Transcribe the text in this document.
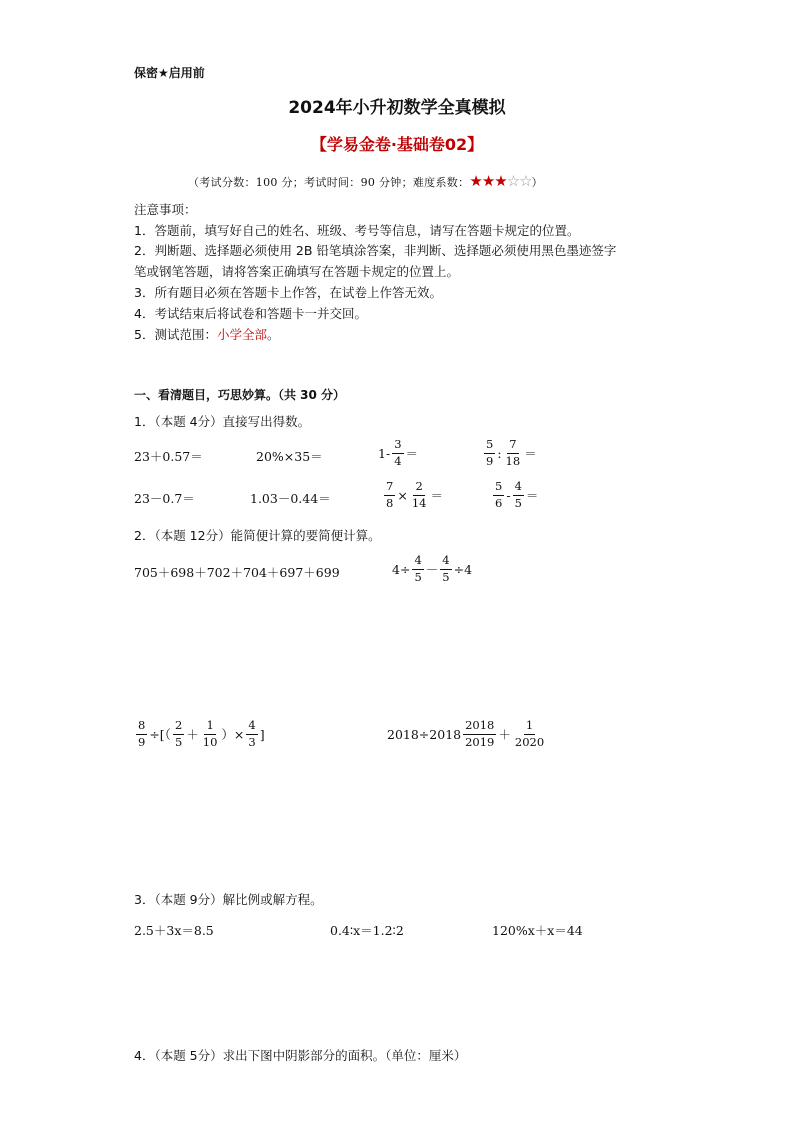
保密★启用前
2024年小升初数学全真模拟
【学易金卷·基础卷02】
（考试分数：100 分；考试时间：90 分钟；难度系数：★★★☆☆）
注意事项：
1．答题前，填写好自己的姓名、班级、考号等信息，请写在答题卡规定的位置。
2．判断题、选择题必须使用 2B 铅笔填涂答案，非判断、选择题必须使用黑色墨迹签字
笔或钢笔答题，请将答案正确填写在答题卡规定的位置上。
3．所有题目必须在答题卡上作答，在试卷上作答无效。
4．考试结束后将试卷和答题卡一并交回。
5．测试范围：小学全部。
一、看清题目，巧思妙算。（共 30 分）
1．（本题 4分）直接写出得数。
23＋0.57＝	20%×35＝	$1- \frac{3}{4}$ ＝	$\frac{5}{9}$ : $\frac{7}{18}$ ＝
23－0.7＝	1.03－0.44＝	$\frac{7}{8} \times \frac{2}{14}$ ＝	$\frac{5}{6} - \frac{4}{5}$ ＝
2．（本题 12分）能简便计算的要简便计算。
705＋698＋702＋704＋697＋699	$4\div \frac{4}{5} - \frac{4}{5} \div 4$
$\frac{8}{9}$ ÷[（ $\frac{2}{5} + \frac{1}{10}$ ）× $\frac{4}{3}$ ]	$2018\div 2018 \frac{2018}{2019} + \frac{1}{2020}$
3．（本题 9分）解比例或解方程。
2.5＋3x＝8.5	0.4∶x＝1.2∶2	120%x＋x＝44
4．（本题 5分）求出下图中阴影部分的面积。（单位：厘米）
